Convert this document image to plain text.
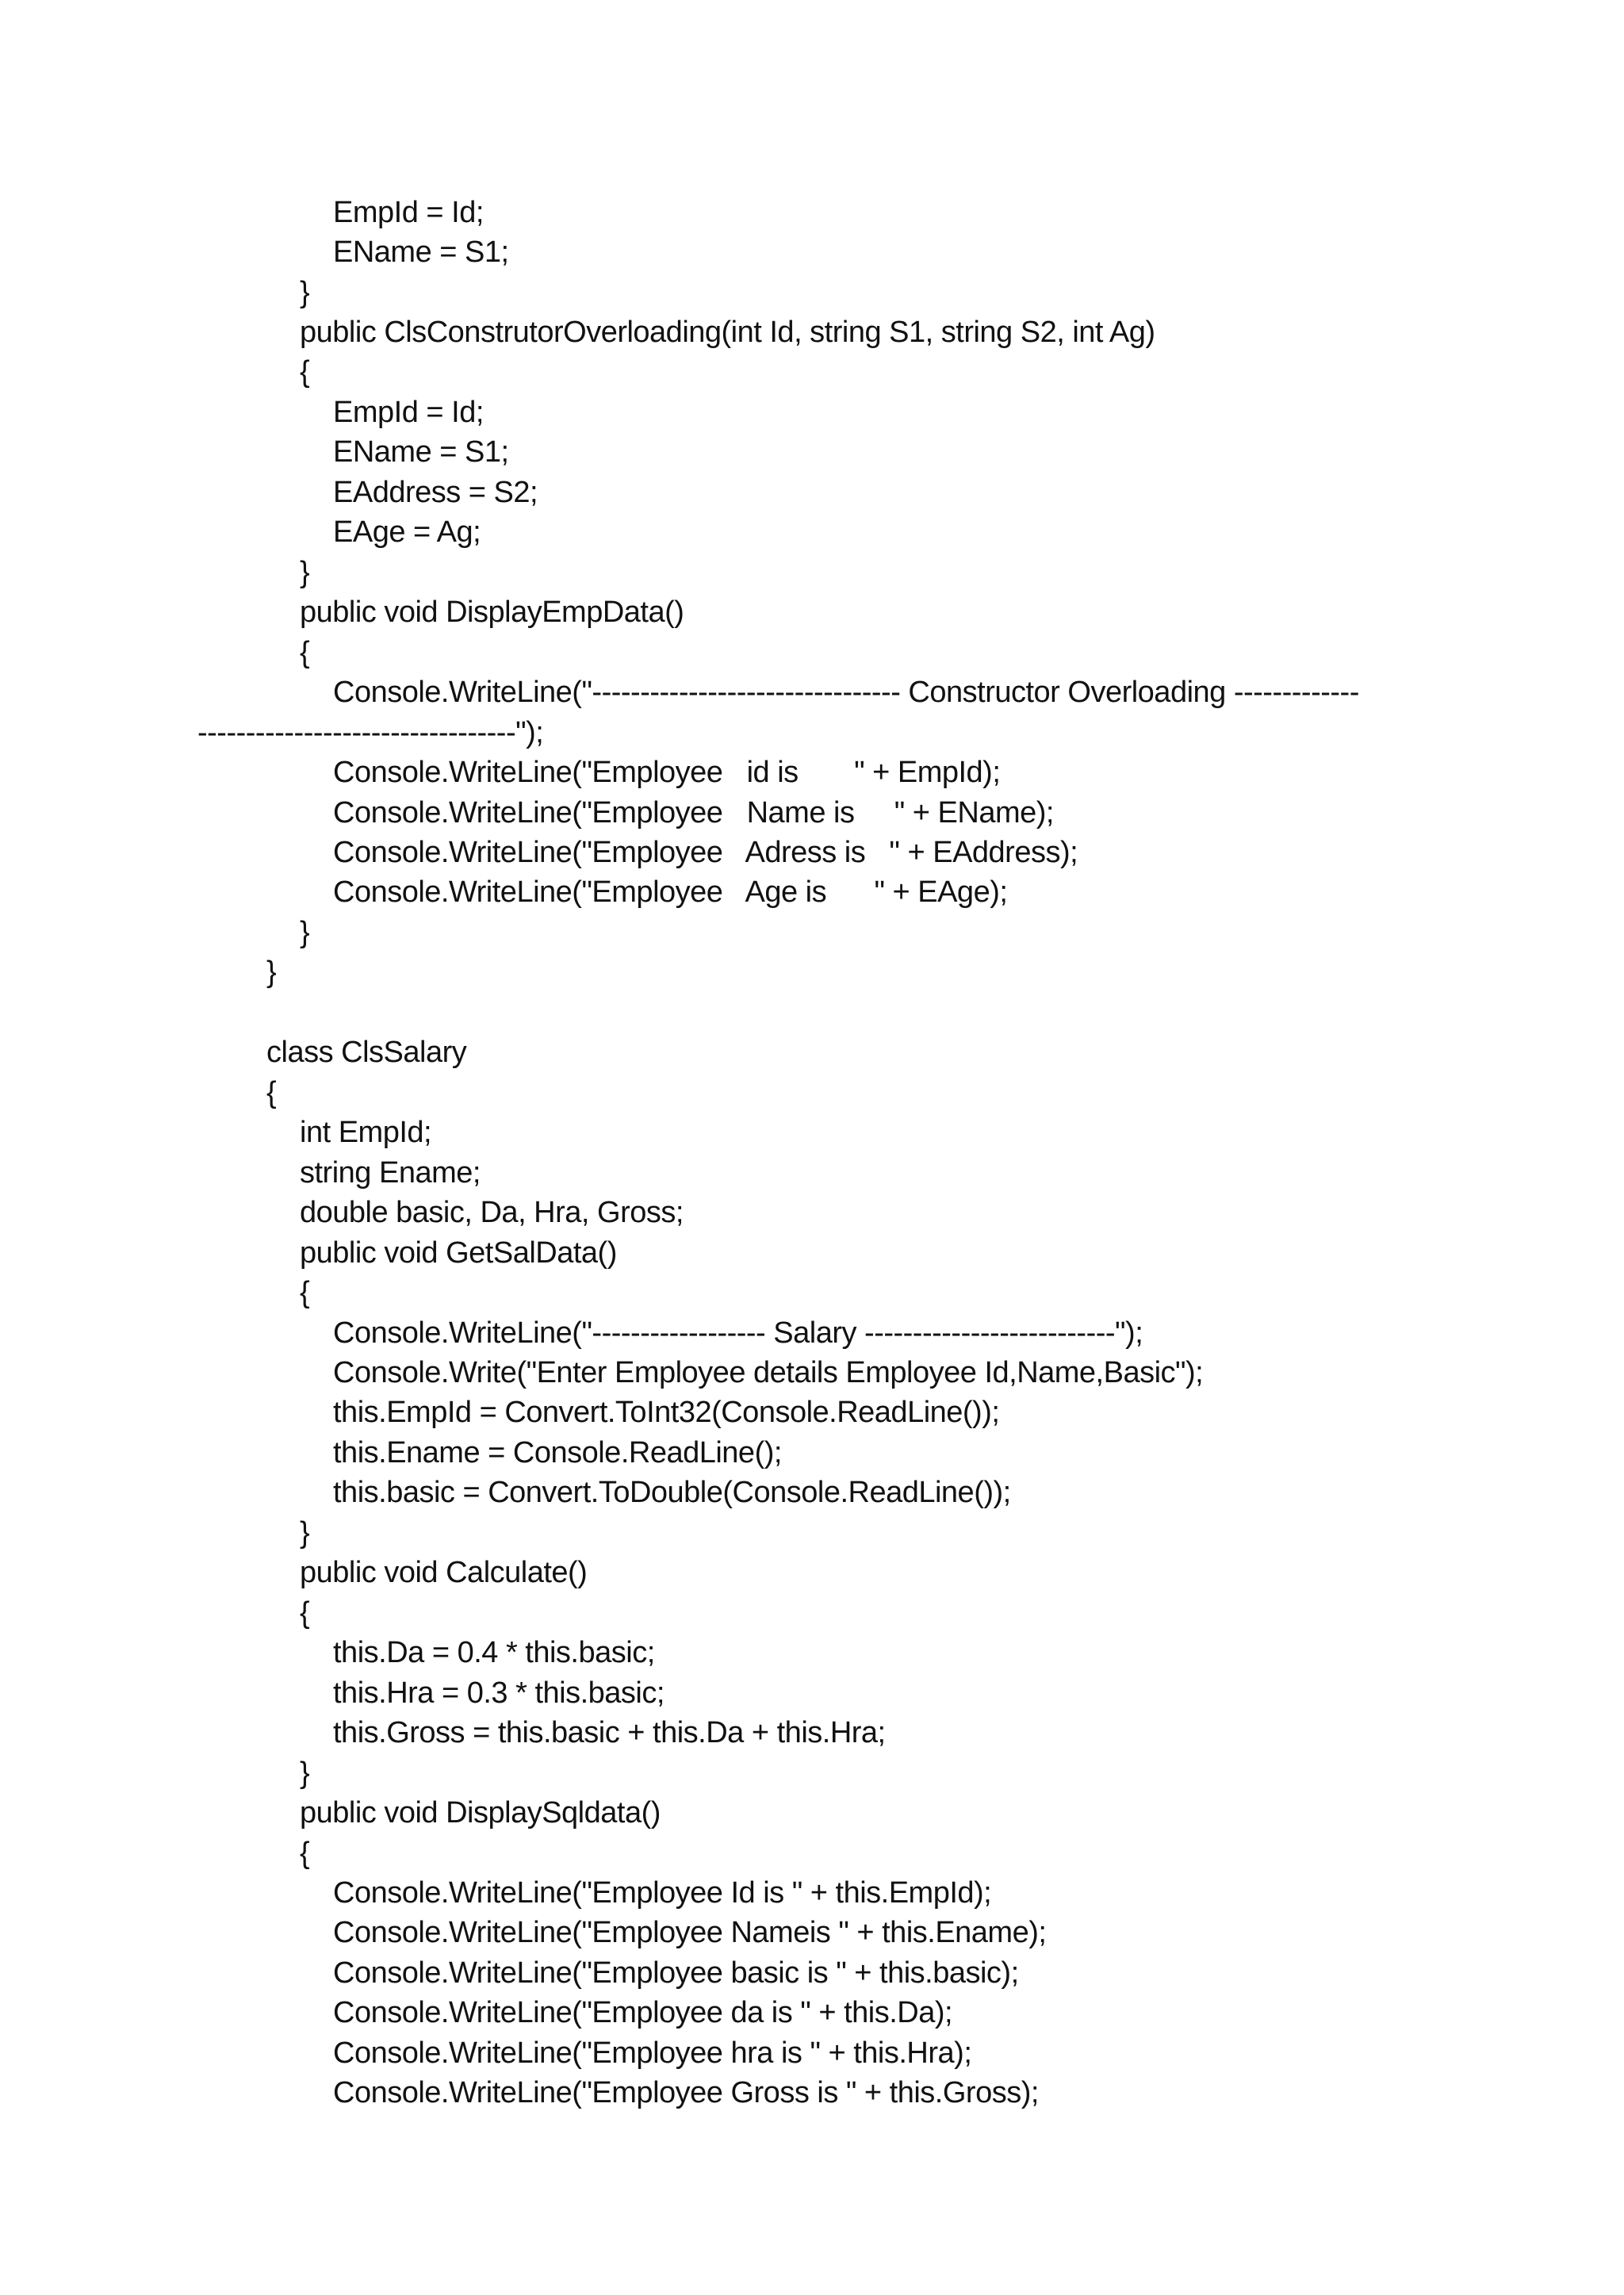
EmpId = Id;
EName = S1;
}
public ClsConstrutorOverloading(int Id, string S1, string S2, int Ag)
{
EmpId = Id;
EName = S1;
EAddress = S2;
EAge = Ag;
}
public void DisplayEmpData()
{
Console.WriteLine("-------------------------------- Constructor Overloading -------------
---------------------------------");
Console.WriteLine("Employee   id is       " + EmpId);
Console.WriteLine("Employee   Name is     " + EName);
Console.WriteLine("Employee   Adress is   " + EAddress);
Console.WriteLine("Employee   Age is      " + EAge);
}
}
class ClsSalary
{
int EmpId;
string Ename;
double basic, Da, Hra, Gross;
public void GetSalData()
{
Console.WriteLine("------------------ Salary --------------------------");
Console.Write("Enter Employee details Employee Id,Name,Basic");
this.EmpId = Convert.ToInt32(Console.ReadLine());
this.Ename = Console.ReadLine();
this.basic = Convert.ToDouble(Console.ReadLine());
}
public void Calculate()
{
this.Da = 0.4 * this.basic;
this.Hra = 0.3 * this.basic;
this.Gross = this.basic + this.Da + this.Hra;
}
public void DisplaySqldata()
{
Console.WriteLine("Employee Id is " + this.EmpId);
Console.WriteLine("Employee Nameis " + this.Ename);
Console.WriteLine("Employee basic is " + this.basic);
Console.WriteLine("Employee da is " + this.Da);
Console.WriteLine("Employee hra is " + this.Hra);
Console.WriteLine("Employee Gross is " + this.Gross);
